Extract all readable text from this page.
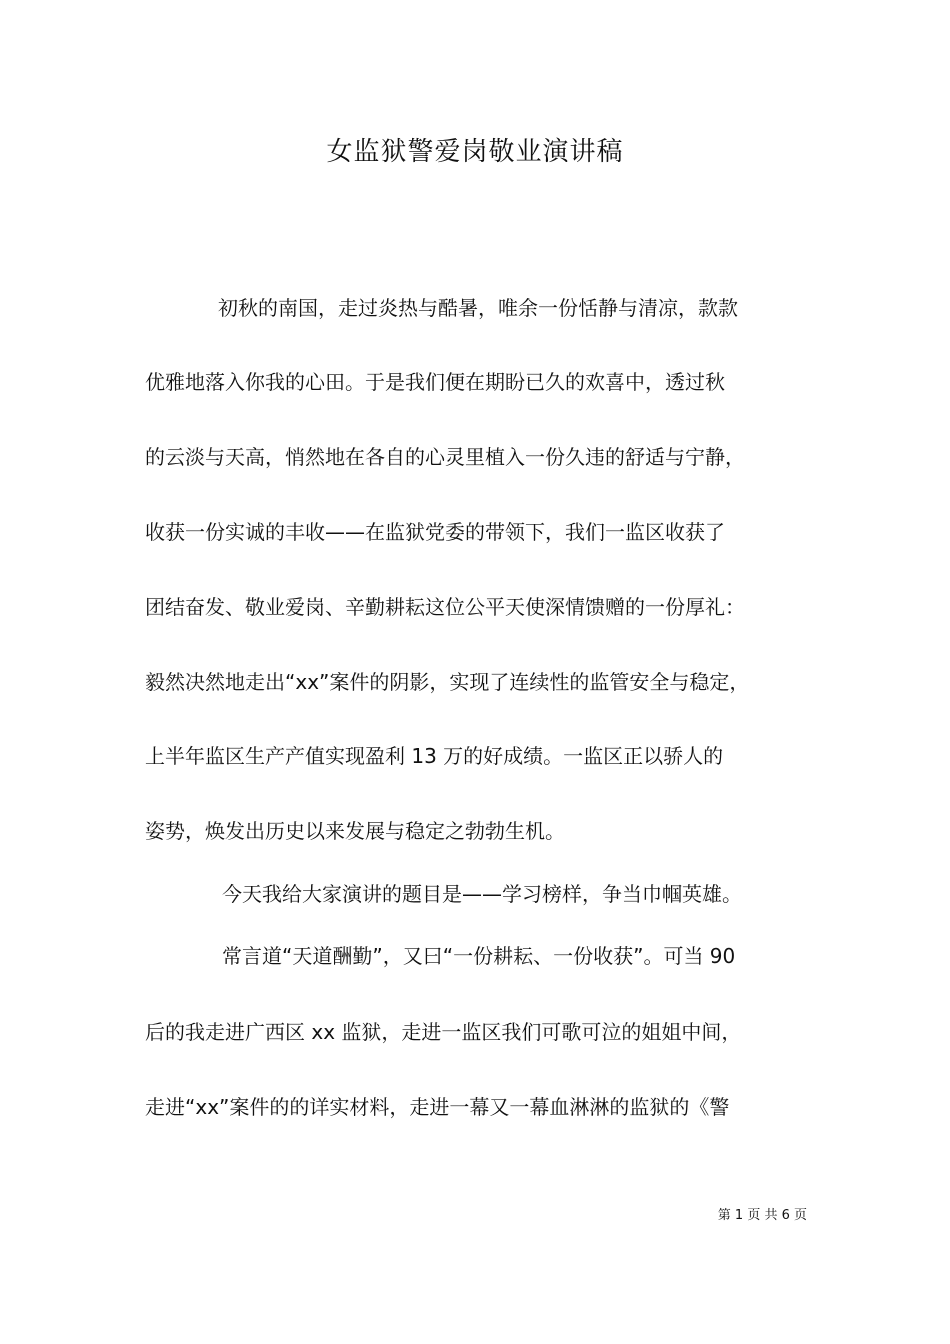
女监狱警爱岗敬业演讲稿
初秋的南国，走过炎热与酷暑，唯余一份恬静与清凉，款款
优雅地落入你我的心田。于是我们便在期盼已久的欢喜中，透过秋
的云淡与天高，悄然地在各自的心灵里植入一份久违的舒适与宁静，
收获一份实诚的丰收——在监狱党委的带领下，我们一监区收获了
团结奋发、敬业爱岗、辛勤耕耘这位公平天使深情馈赠的一份厚礼：
毅然决然地走出“xx”案件的阴影，实现了连续性的监管安全与稳定，
上半年监区生产产值实现盈利 13 万的好成绩。一监区正以骄人的
姿势，焕发出历史以来发展与稳定之勃勃生机。
今天我给大家演讲的题目是——学习榜样，争当巾帼英雄。
常言道“天道酬勤”，又曰“一份耕耘、一份收获”。可当 90
后的我走进广西区 xx 监狱，走进一监区我们可歌可泣的姐姐中间，
走进“xx”案件的的详实材料，走进一幕又一幕血淋淋的监狱的《警
第 1 页 共 6 页
